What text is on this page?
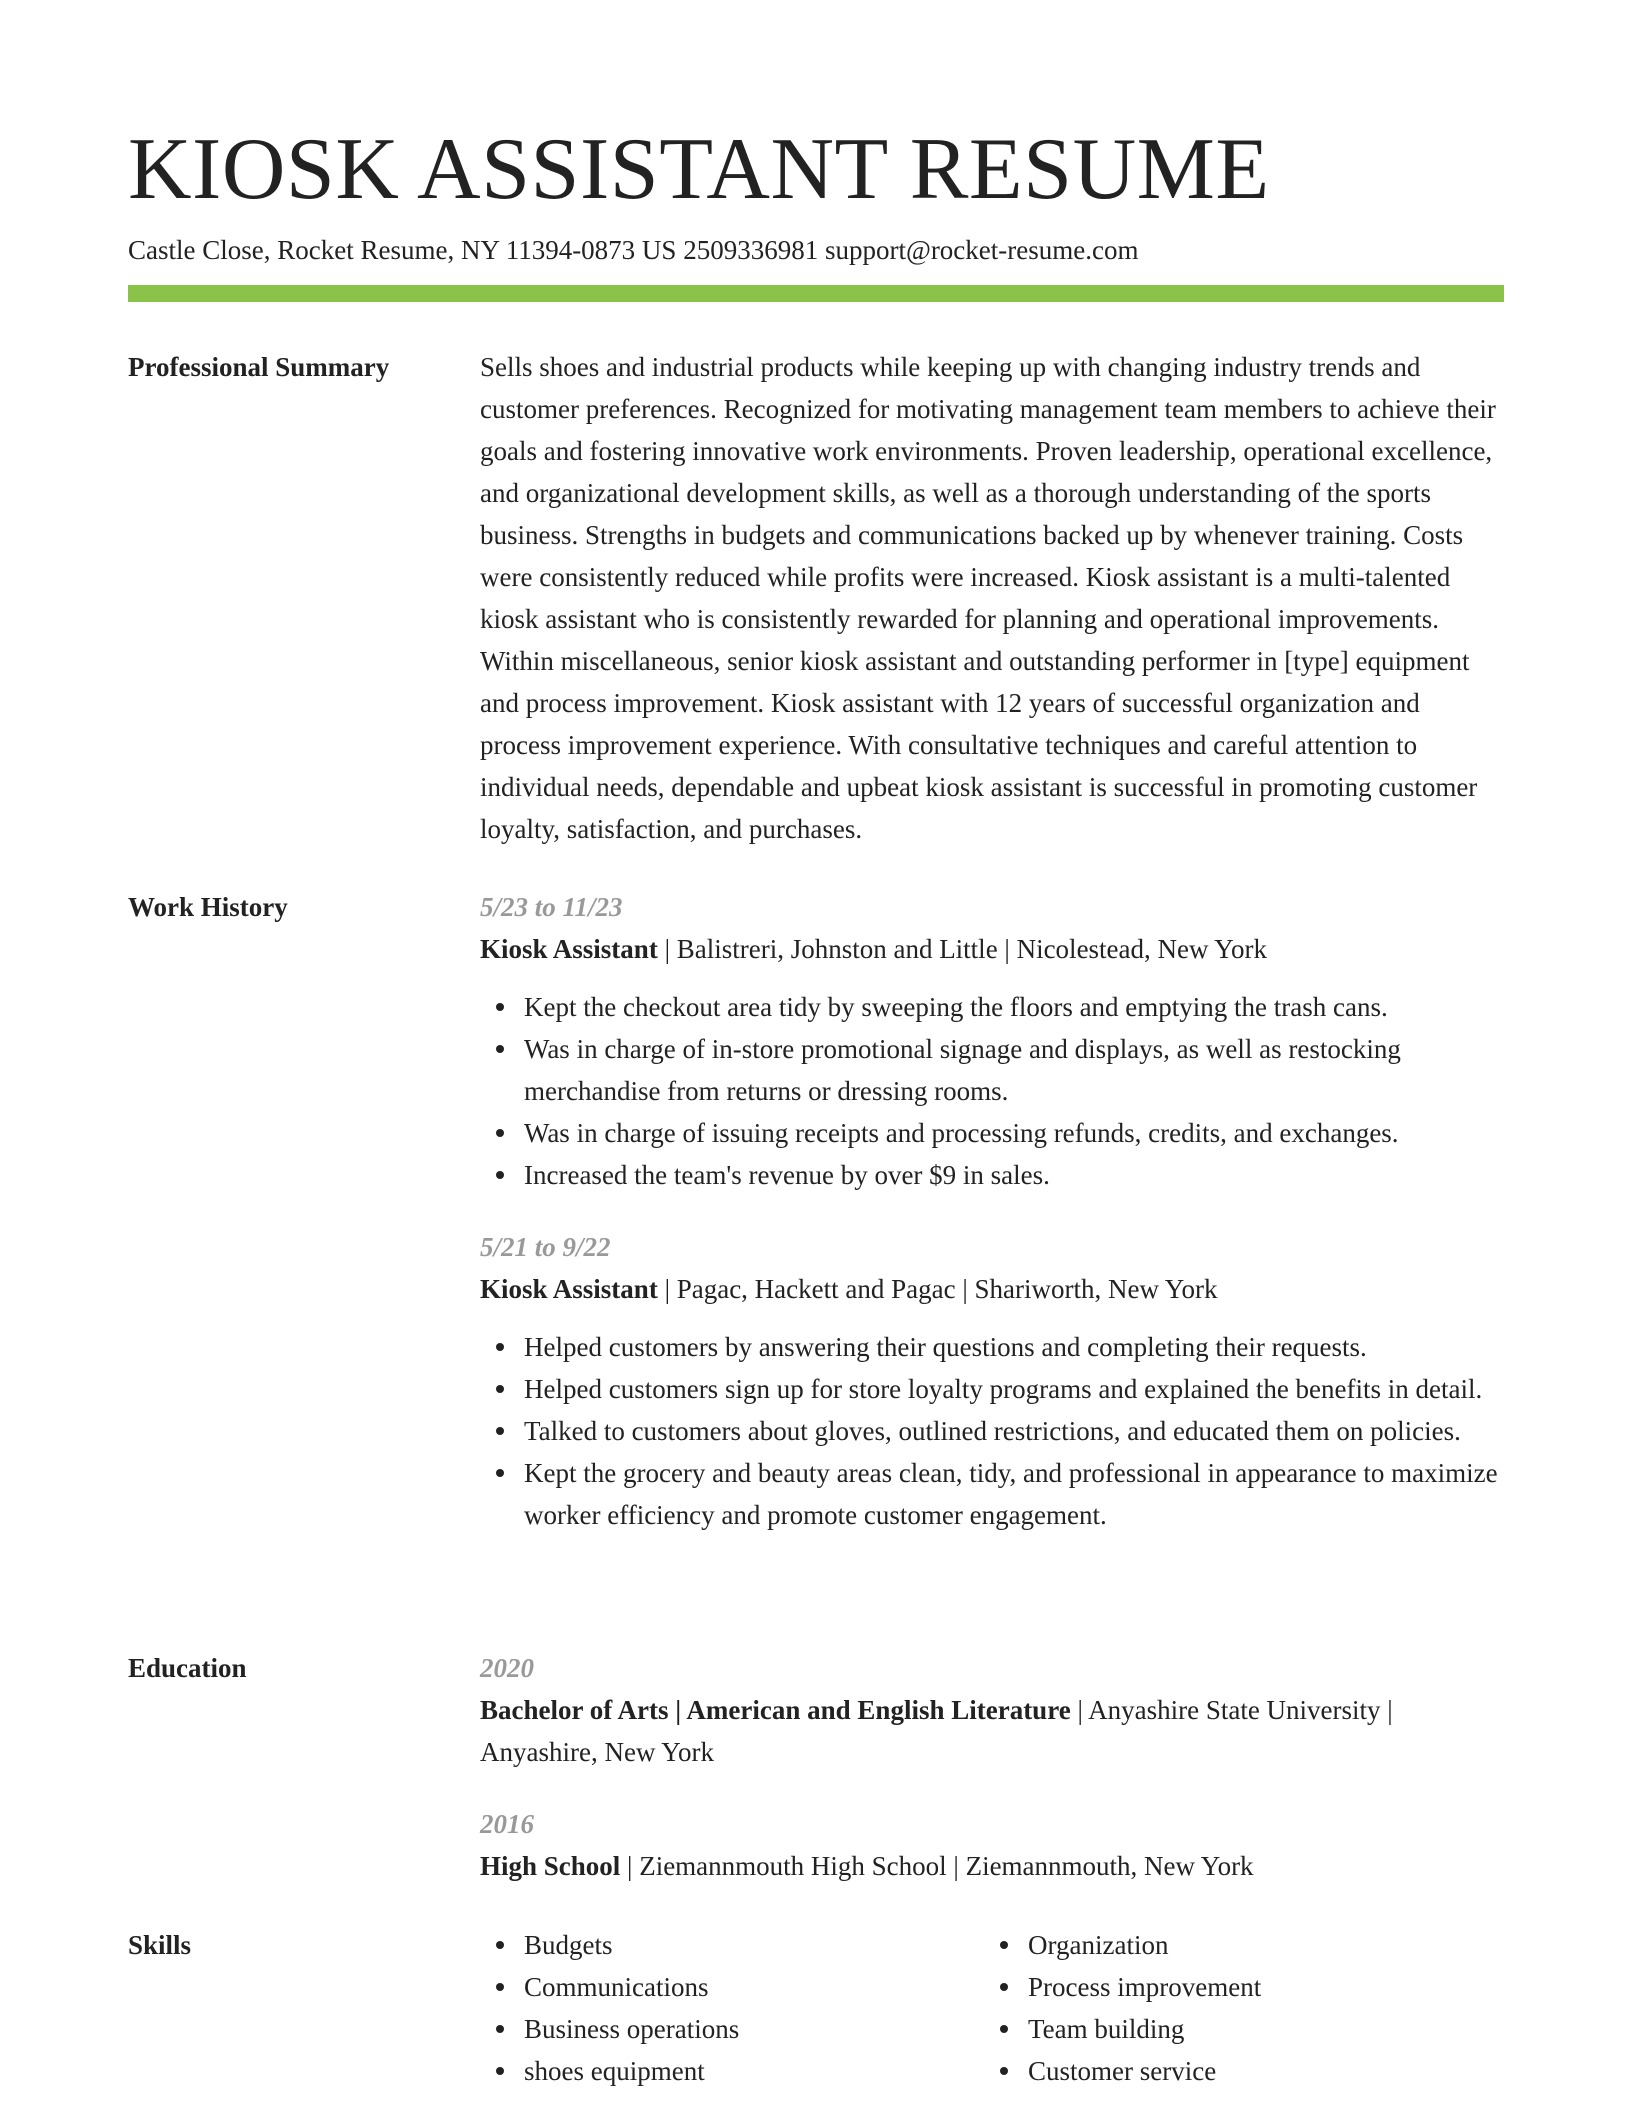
KIOSK ASSISTANT RESUME
Castle Close, Rocket Resume, NY 11394-0873 US 2509336981 support@rocket-resume.com
Professional Summary	Sells shoes and industrial products while keeping up with changing industry trends and customer preferences. Recognized for motivating management team members to achieve their goals and fostering innovative work environments. Proven leadership, operational excellence, and organizational development skills, as well as a thorough understanding of the sports business. Strengths in budgets and communications backed up by whenever training. Costs were consistently reduced while profits were increased. Kiosk assistant is a multi-talented kiosk assistant who is consistently rewarded for planning and operational improvements. Within miscellaneous, senior kiosk assistant and outstanding performer in [type] equipment and process improvement. Kiosk assistant with 12 years of successful organization and process improvement experience. With consultative techniques and careful attention to individual needs, dependable and upbeat kiosk assistant is successful in promoting customer loyalty, satisfaction, and purchases.
Work History	5/23 to 11/23
Kiosk Assistant | Balistreri, Johnston and Little | Nicolestead, New York
Kept the checkout area tidy by sweeping the floors and emptying the trash cans.
Was in charge of in-store promotional signage and displays, as well as restocking merchandise from returns or dressing rooms.
Was in charge of issuing receipts and processing refunds, credits, and exchanges.
Increased the team's revenue by over $9 in sales.
5/21 to 9/22
Kiosk Assistant | Pagac, Hackett and Pagac | Shariworth, New York
Helped customers by answering their questions and completing their requests.
Helped customers sign up for store loyalty programs and explained the benefits in detail.
Talked to customers about gloves, outlined restrictions, and educated them on policies.
Kept the grocery and beauty areas clean, tidy, and professional in appearance to maximize worker efficiency and promote customer engagement.
Education	2020
Bachelor of Arts | American and English Literature | Anyashire State University | Anyashire, New York
2016
High School | Ziemannmouth High School | Ziemannmouth, New York
Skills	Budgets
Communications
Business operations
shoes equipment
Organization
Process improvement
Team building
Customer service
